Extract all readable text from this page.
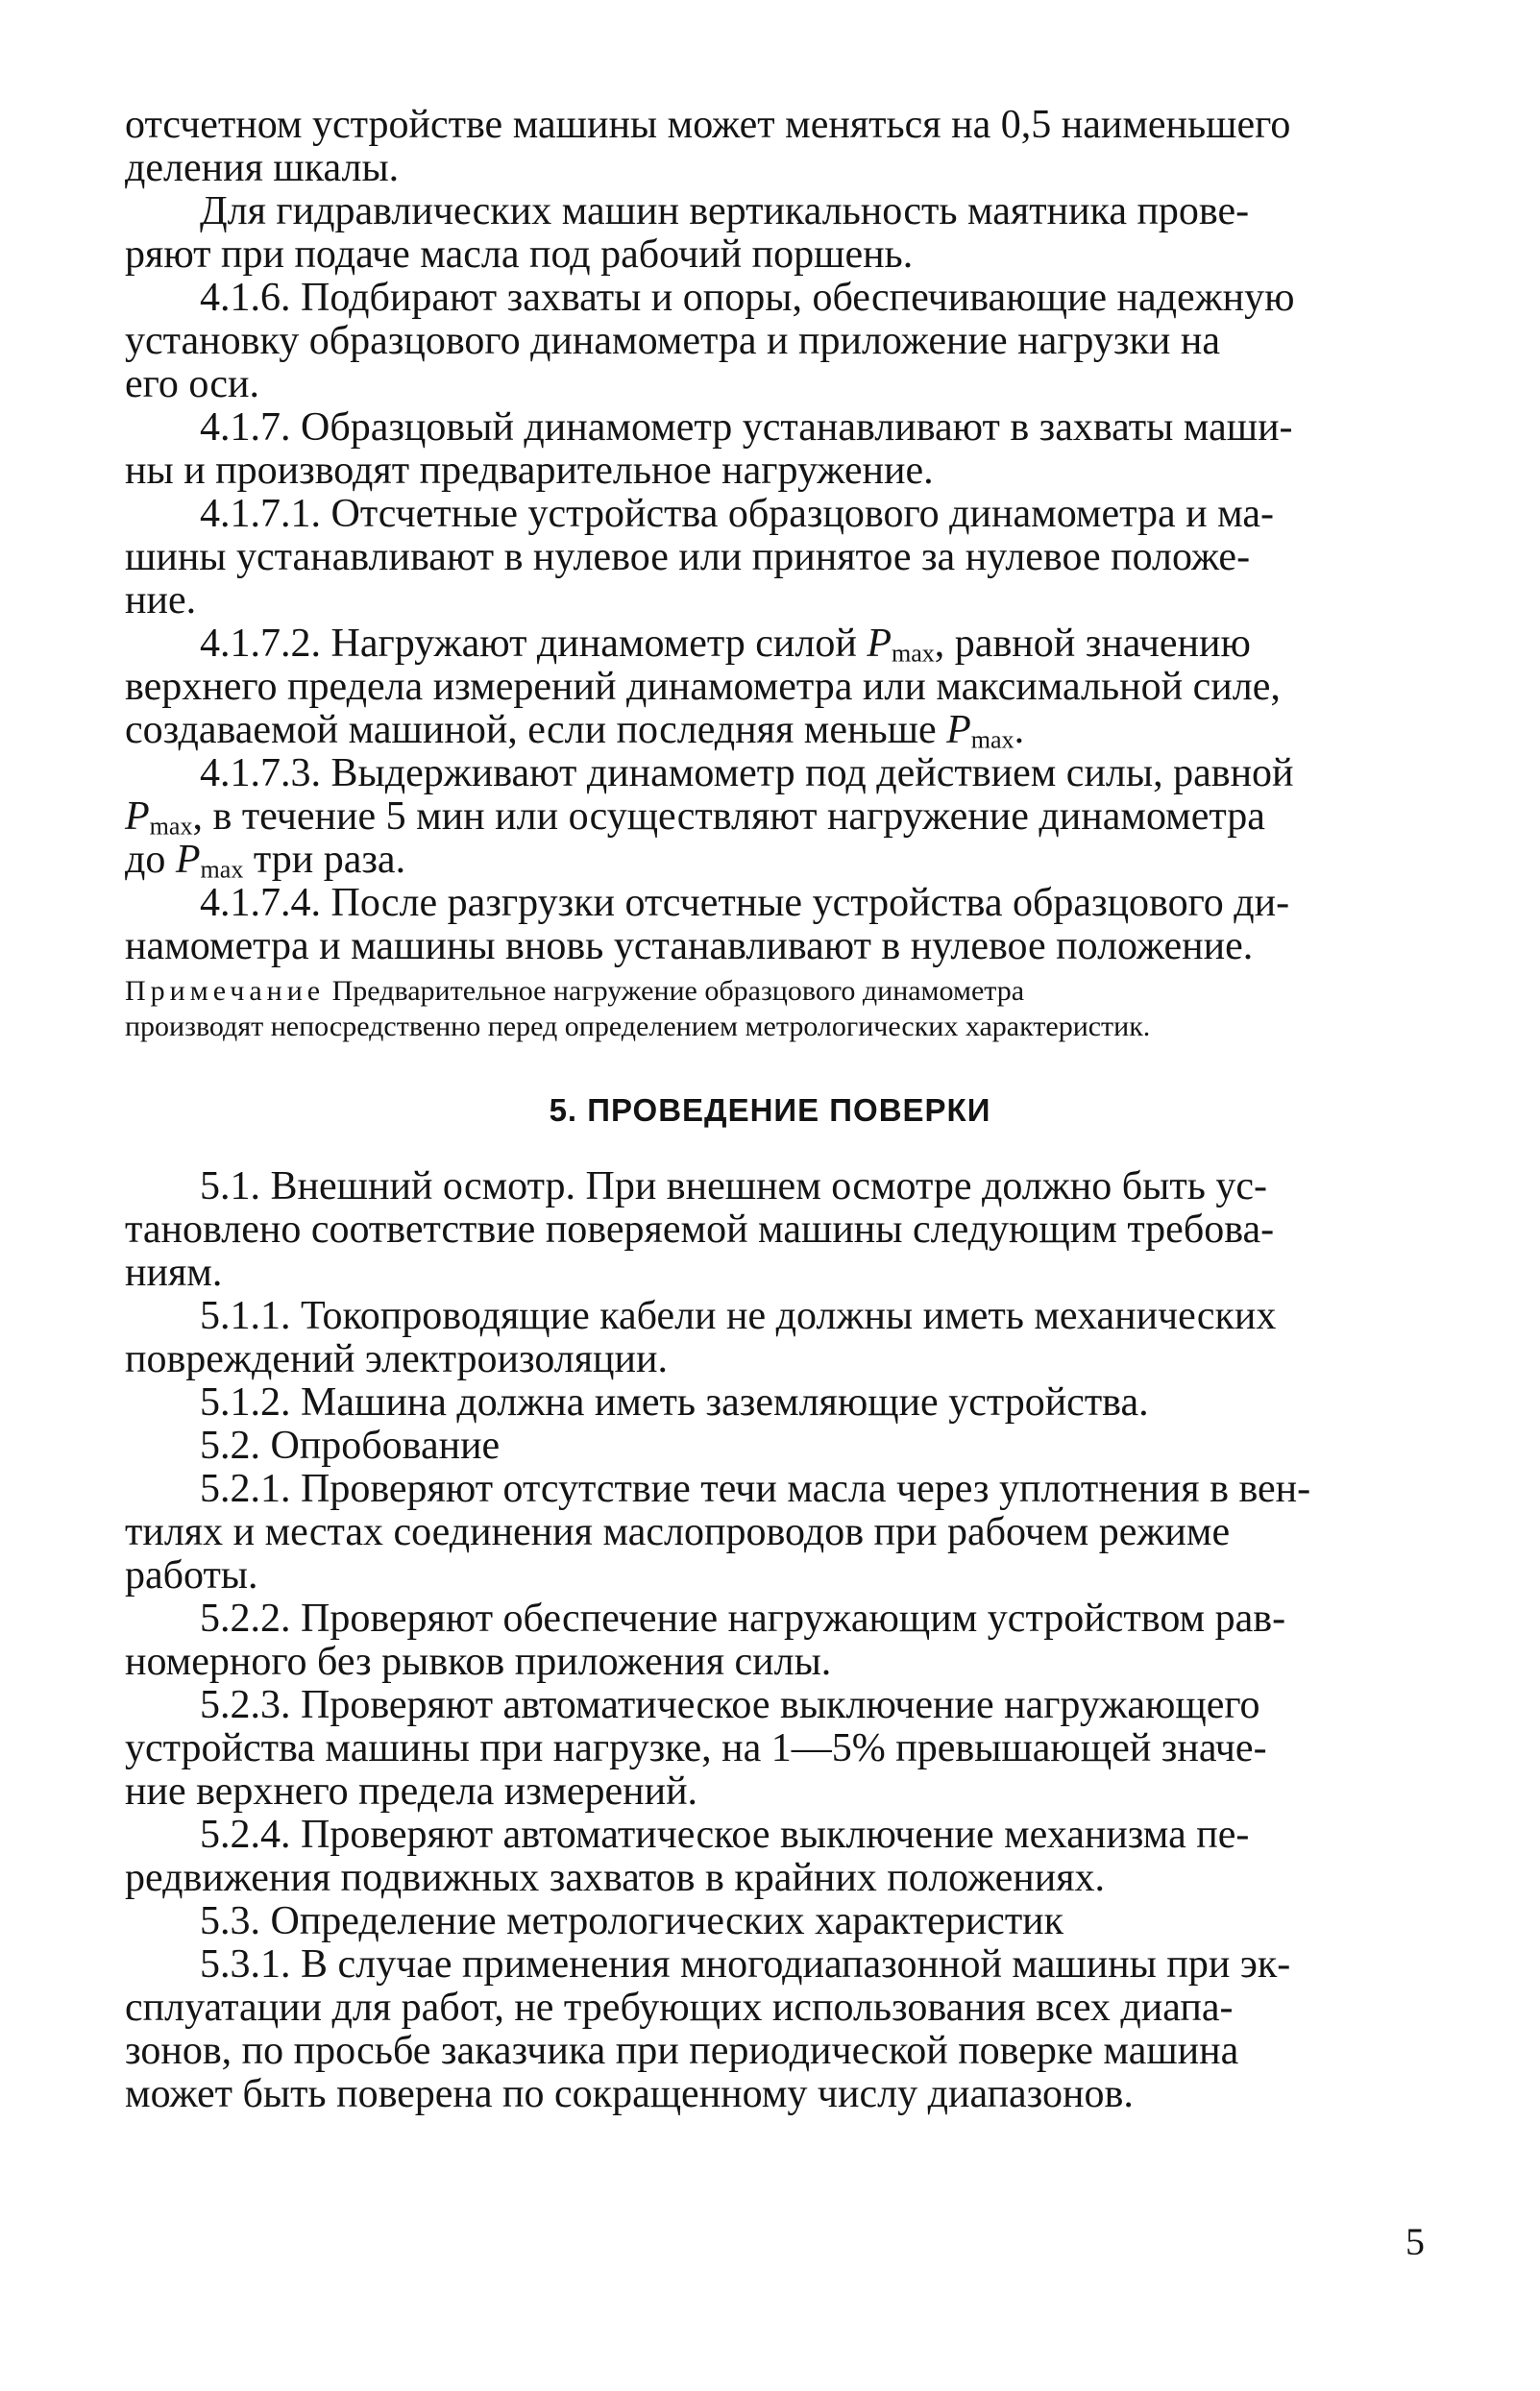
отсчетном устройстве машины может меняться на 0,5 наименьшего
деления шкалы.
Для гидравлических машин вертикальность маятника прове-
ряют при подаче масла под рабочий поршень.
4.1.6. Подбирают захваты и опоры, обеспечивающие надежную
установку образцового динамометра и приложение нагрузки на
его оси.
4.1.7. Образцовый динамометр устанавливают в захваты маши-
ны и производят предварительное нагружение.
4.1.7.1. Отсчетные устройства образцового динамометра и ма-
шины устанавливают в нулевое или принятое за нулевое положе-
ние.
4.1.7.2. Нагружают динамометр силой $P_{max}$, равной значению
верхнего предела измерений динамометра или максимальной силе,
создаваемой машиной, если последняя меньше $P_{max}$.
4.1.7.3. Выдерживают динамометр под действием силы, равной
$P_{max}$, в течение 5 мин или осуществляют нагружение динамометра
до $P_{max}$ три раза.
4.1.7.4. После разгрузки отсчетные устройства образцового ди-
намометра и машины вновь устанавливают в нулевое положение.
Примечание Предварительное нагружение образцового динамометра
производят непосредственно перед определением метрологических характеристик.
5. ПРОВЕДЕНИЕ ПОВЕРКИ
5.1. Внешний осмотр. При внешнем осмотре должно быть ус-
тановлено соответствие поверяемой машины следующим требова-
ниям.
5.1.1. Токопроводящие кабели не должны иметь механических
повреждений электроизоляции.
5.1.2. Машина должна иметь заземляющие устройства.
5.2. Опробование
5.2.1. Проверяют отсутствие течи масла через уплотнения в вен-
тилях и местах соединения маслопроводов при рабочем режиме
работы.
5.2.2. Проверяют обеспечение нагружающим устройством рав-
номерного без рывков приложения силы.
5.2.3. Проверяют автоматическое выключение нагружающего
устройства машины при нагрузке, на 1—5% превышающей значе-
ние верхнего предела измерений.
5.2.4. Проверяют автоматическое выключение механизма пе-
редвижения подвижных захватов в крайних положениях.
5.3. Определение метрологических характеристик
5.3.1. В случае применения многодиапазонной машины при эк-
сплуатации для работ, не требующих использования всех диапа-
зонов, по просьбе заказчика при периодической поверке машина
может быть поверена по сокращенному числу диапазонов.
5
